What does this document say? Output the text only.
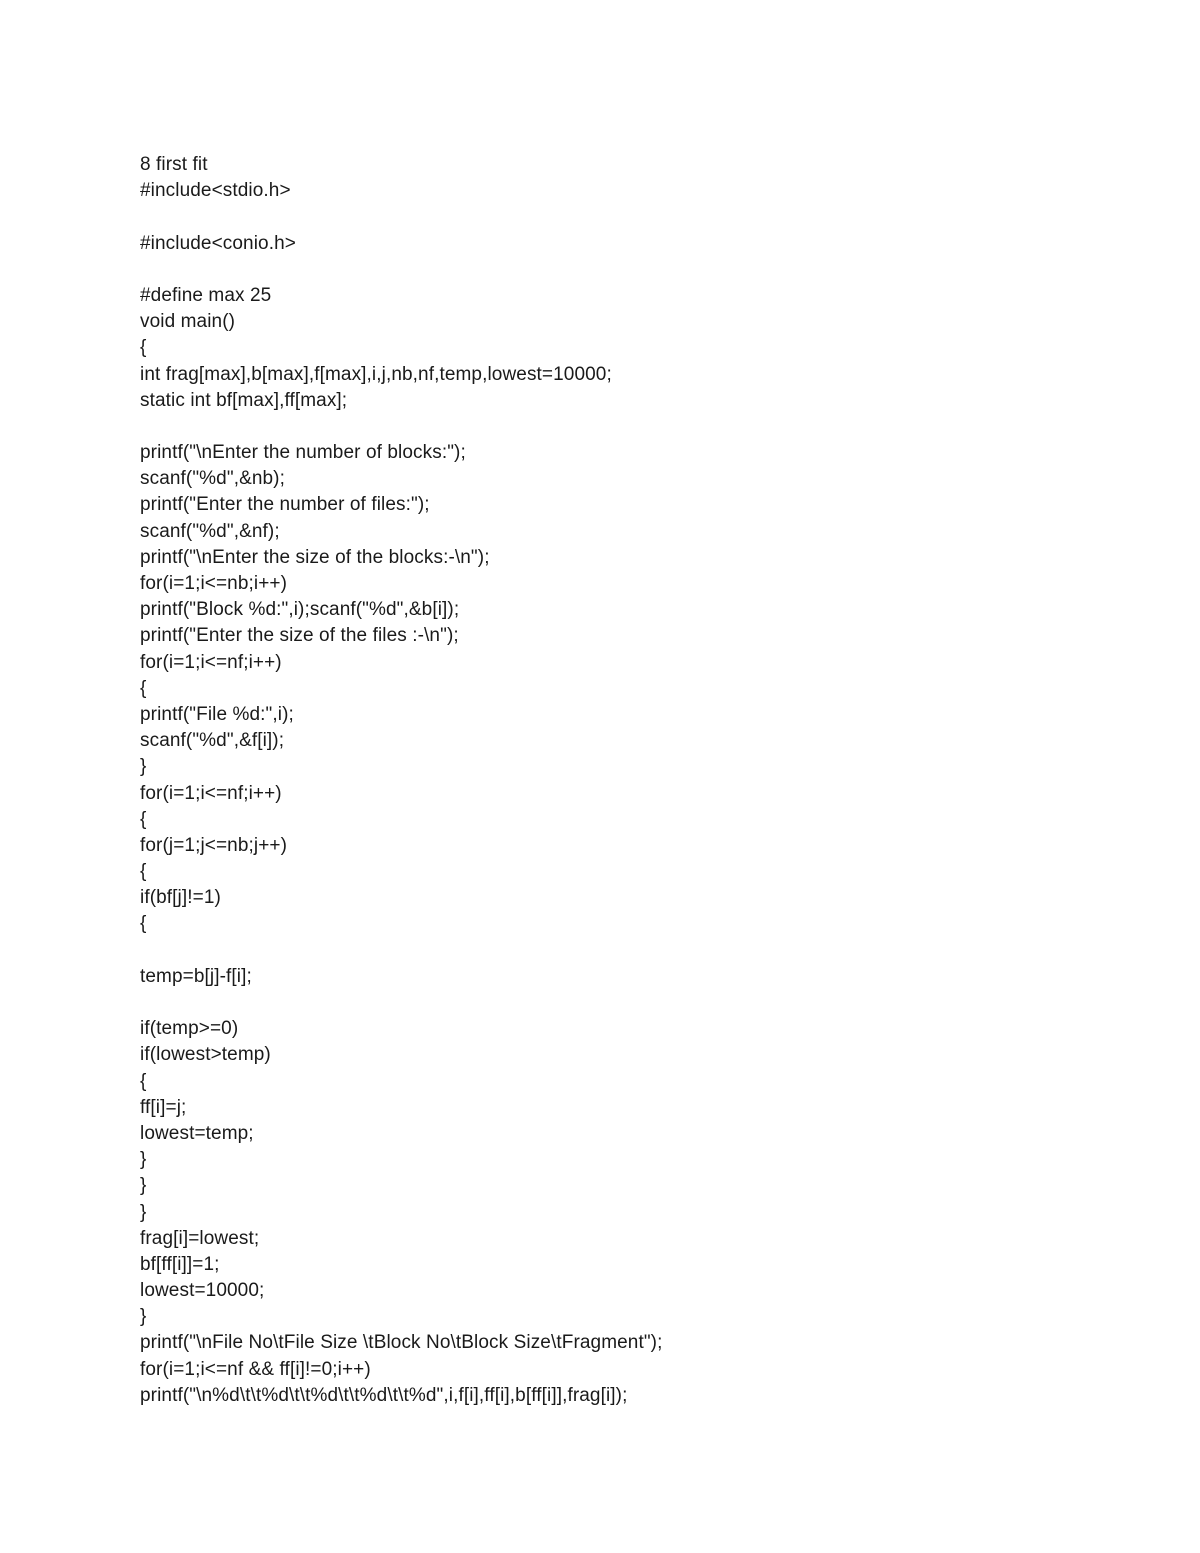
8 first fit
#include<stdio.h>
#include<conio.h>
#define max 25
void main()
{
int frag[max],b[max],f[max],i,j,nb,nf,temp,lowest=10000;
static int bf[max],ff[max];
printf("\nEnter the number of blocks:");
scanf("%d",&nb);
printf("Enter the number of files:");
scanf("%d",&nf);
printf("\nEnter the size of the blocks:-\n");
for(i=1;i<=nb;i++)
printf("Block %d:",i);scanf("%d",&b[i]);
printf("Enter the size of the files :-\n");
for(i=1;i<=nf;i++)
{
printf("File %d:",i);
scanf("%d",&f[i]);
}
for(i=1;i<=nf;i++)
{
for(j=1;j<=nb;j++)
{
if(bf[j]!=1)
{
temp=b[j]-f[i];
if(temp>=0)
if(lowest>temp)
{
ff[i]=j;
lowest=temp;
}
}
}
frag[i]=lowest;
bf[ff[i]]=1;
lowest=10000;
}
printf("\nFile No\tFile Size \tBlock No\tBlock Size\tFragment");
for(i=1;i<=nf && ff[i]!=0;i++)
printf("\n%d\t\t%d\t\t%d\t\t%d\t\t%d",i,f[i],ff[i],b[ff[i]],frag[i]);
